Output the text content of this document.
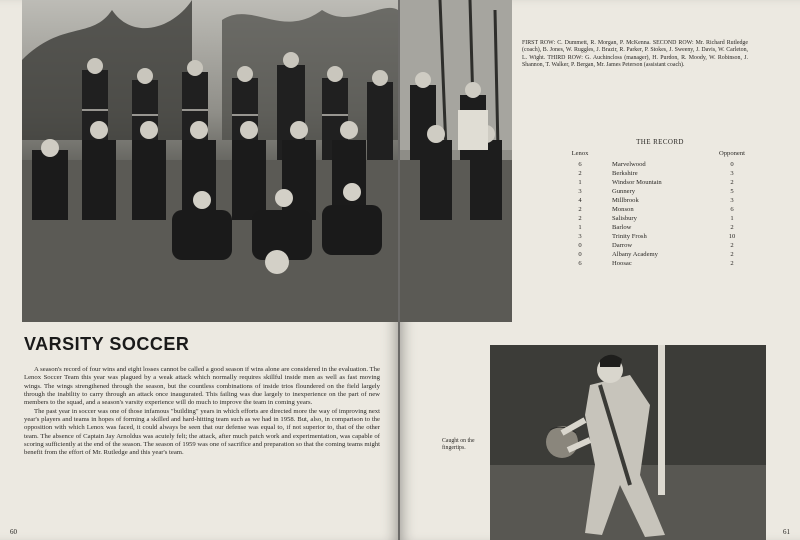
VARSITY SOCCER

A season's record of four wins and eight losses cannot be called a good season if wins alone are considered in the evaluation. The Lenox Soccer Team this year was plagued by a weak attack which normally requires skillful inside men as well as fast moving wings. The wings strengthened through the season, but the countless combinations of inside trios floundered on the field largely through the inability to carry through an attack once inaugurated. This failing was due largely to inexperience on the part of new members to the squad, and a season's varsity experience will do much to improve the team in coming years.

The past year in soccer was one of those infamous "building" years in which efforts are directed more the way of improving next year's players and teams in hopes of forming a skilled and hard-hitting team such as we had in 1958. But, also, in comparison to the opposition with which Lenox was faced, it could always be seen that our defense was equal to, if not superior to, that of the other team. The absence of Captain Jay Arnoldus was acutely felt; the attack, after much patch work and experimentation, was capable of scoring sufficiently at the end of the season. The season of 1959 was one of sacrifice and preparation so that the coming teams might benefit from the effort of Mr. Rutledge and this year's team.

60
FIRST ROW: C. Dummett, R. Morgan, P. McKenna. SECOND ROW: Mr. Richard Rutledge (coach), B. Jones, W. Ruggles, J. Brazir, R. Parker, P. Stokes, J. Sweeny, J. Davis, W. Carleton, L. Wight. THIRD ROW: G. Auchincloss (manager), H. Purdon, R. Moody, W. Robinson, J. Shannon, T. Walker, P. Bergan, Mr. James Peterson (assistant coach).
THE RECORD
Lenox	Opponent
6	Marvelwood	0
2	Berkshire	3
1	Windsor Mountain	2
3	Gunnery	5
4	Millbrook	3
2	Monson	6
2	Salisbury	1
1	Barlow	2
3	Trinity Frosh	10
0	Darrow	2
0	Albany Academy	2
6	Hoosac	2
Caught on the fingertips.
61
